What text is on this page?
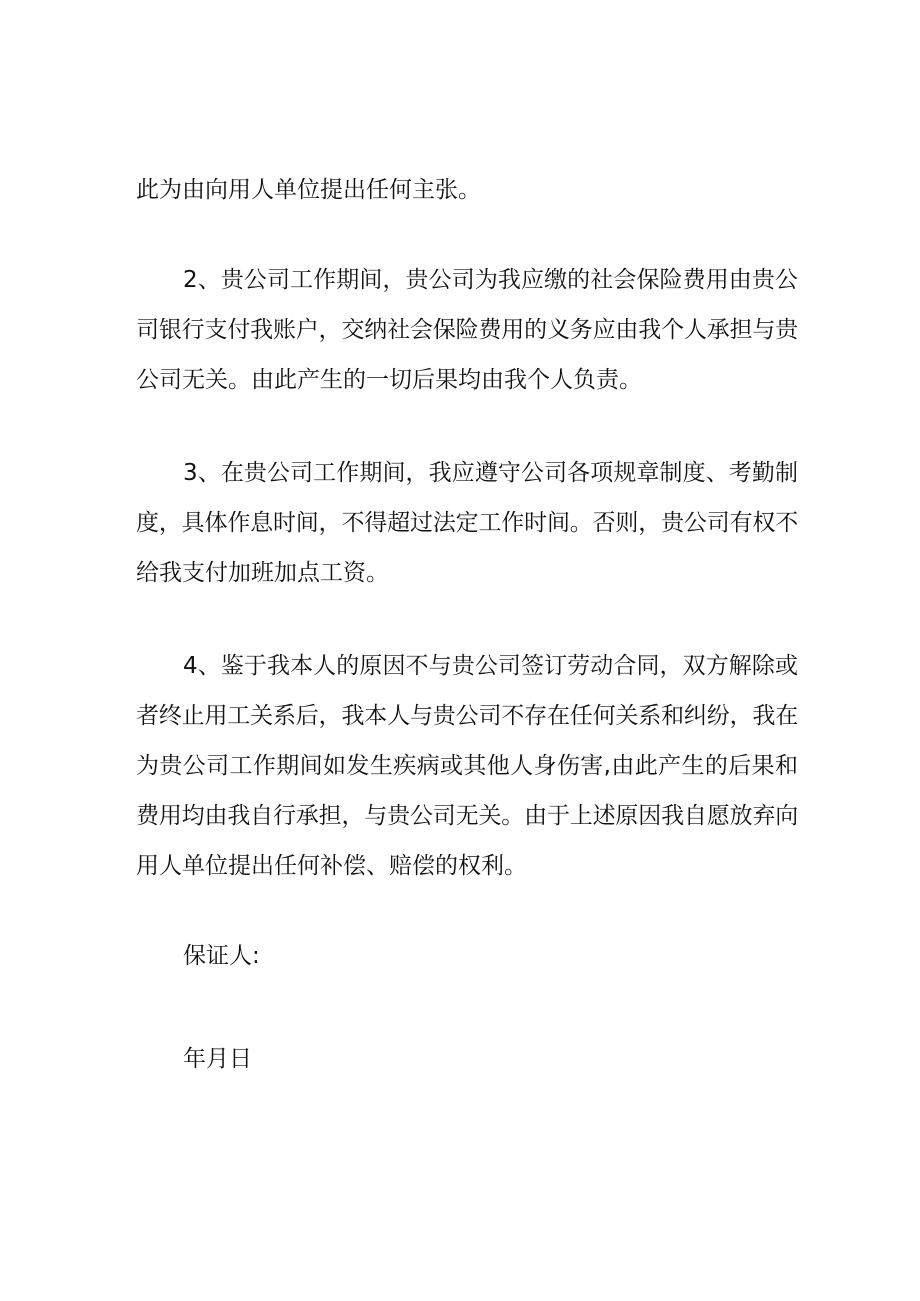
此为由向用人单位提出任何主张。
2、贵公司工作期间，贵公司为我应缴的社会保险费用由贵公
司银行支付我账户，交纳社会保险费用的义务应由我个人承担与贵
公司无关。由此产生的一切后果均由我个人负责。
3、在贵公司工作期间，我应遵守公司各项规章制度、考勤制
度，具体作息时间，不得超过法定工作时间。否则，贵公司有权不
给我支付加班加点工资。
4、鉴于我本人的原因不与贵公司签订劳动合同，双方解除或
者终止用工关系后，我本人与贵公司不存在任何关系和纠纷，我在
为贵公司工作期间如发生疾病或其他人身伤害,由此产生的后果和
费用均由我自行承担，与贵公司无关。由于上述原因我自愿放弃向
用人单位提出任何补偿、赔偿的权利。
保证人:
年月日
